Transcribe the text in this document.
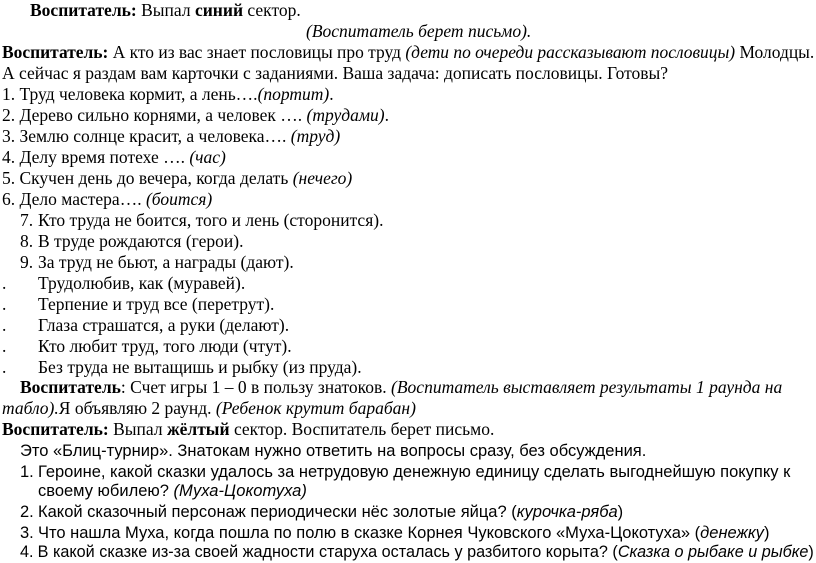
Воспитатель: Выпал синий сектор.
(Воспитатель берет письмо).
Воспитатель: А кто из вас знает пословицы про труд (дети по очереди рассказывают пословицы) Молодцы.
А сейчас я раздам вам карточки с заданиями. Ваша задача: дописать пословицы. Готовы?
1. Труд человека кормит, а лень….(портит).
2. Дерево сильно корнями, а человек …. (трудами).
3. Землю солнце красит, а человека…. (труд)
4. Делу время потехе …. (час)
5. Скучен день до вечера, когда делать (нечего)
6. Дело мастера…. (боится)
7. Кто труда не боится, того и лень (сторонится).
8. В труде рождаются (герои).
9. За труд не бьют, а награды (дают).
. Трудолюбив, как (муравей).
. Терпение и труд все (перетрут).
. Глаза страшатся, а руки (делают).
. Кто любит труд, того люди (чтут).
. Без труда не вытащишь и рыбку (из пруда).
Воспитатель: Счет игры 1 – 0 в пользу знатоков. (Воспитатель выставляет результаты 1 раунда на
табло).Я объявляю 2 раунд. (Ребенок крутит барабан)
Воспитатель: Выпал жёлтый сектор. Воспитатель берет письмо.
Это «Блиц-турнир». Знатокам нужно ответить на вопросы сразу, без обсуждения.
1. Героине, какой сказки удалось за нетрудовую денежную единицу сделать выгоднейшую покупку к
своему юбилею? (Муха-Цокотуха)
2. Какой сказочный персонаж периодически нёс золотые яйца? (курочка-ряба)
3. Что нашла Муха, когда пошла по полю в сказке Корнея Чуковского «Муха-Цокотуха» (денежку)
4. В какой сказке из-за своей жадности старуха осталась у разбитого корыта? (Сказка о рыбаке и рыбке)
